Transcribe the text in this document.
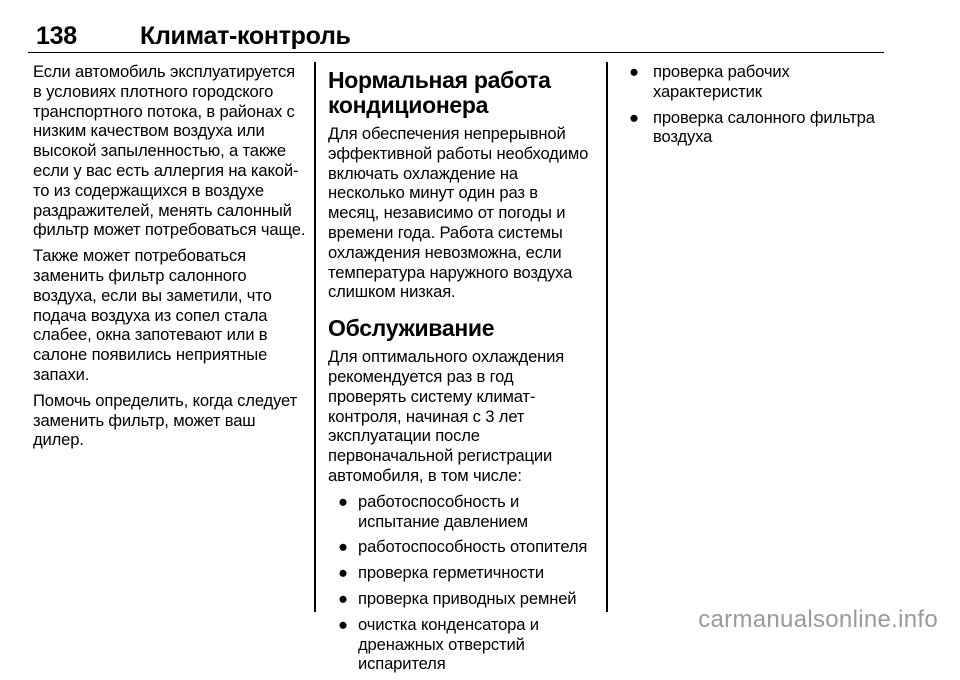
138	Климат-контроль

Если автомобиль эксплуатируется в условиях плотного городского транспортного потока, в районах с низким качеством воздуха или высокой запыленностью, а также если у вас есть аллергия на какой-то из содержащихся в воздухе раздражителей, менять салонный фильтр может потребоваться чаще.

Также может потребоваться заменить фильтр салонного воздуха, если вы заметили, что подача воздуха из сопел стала слабее, окна запотевают или в салоне появились неприятные запахи.

Помочь определить, когда следует заменить фильтр, может ваш дилер.

Нормальная работа кондиционера

Для обеспечения непрерывной эффективной работы необходимо включать охлаждение на несколько минут один раз в месяц, независимо от погоды и времени года. Работа системы охлаждения невозможна, если температура наружного воздуха слишком низкая.

Обслуживание

Для оптимального охлаждения рекомендуется раз в год проверять систему климат-контроля, начиная с 3 лет эксплуатации после первоначальной регистрации автомобиля, в том числе:

● работоспособность и испытание давлением
● работоспособность отопителя
● проверка герметичности
● проверка приводных ремней
● очистка конденсатора и дренажных отверстий испарителя
● проверка рабочих характеристик
● проверка салонного фильтра воздуха
carmanualsonline.info
